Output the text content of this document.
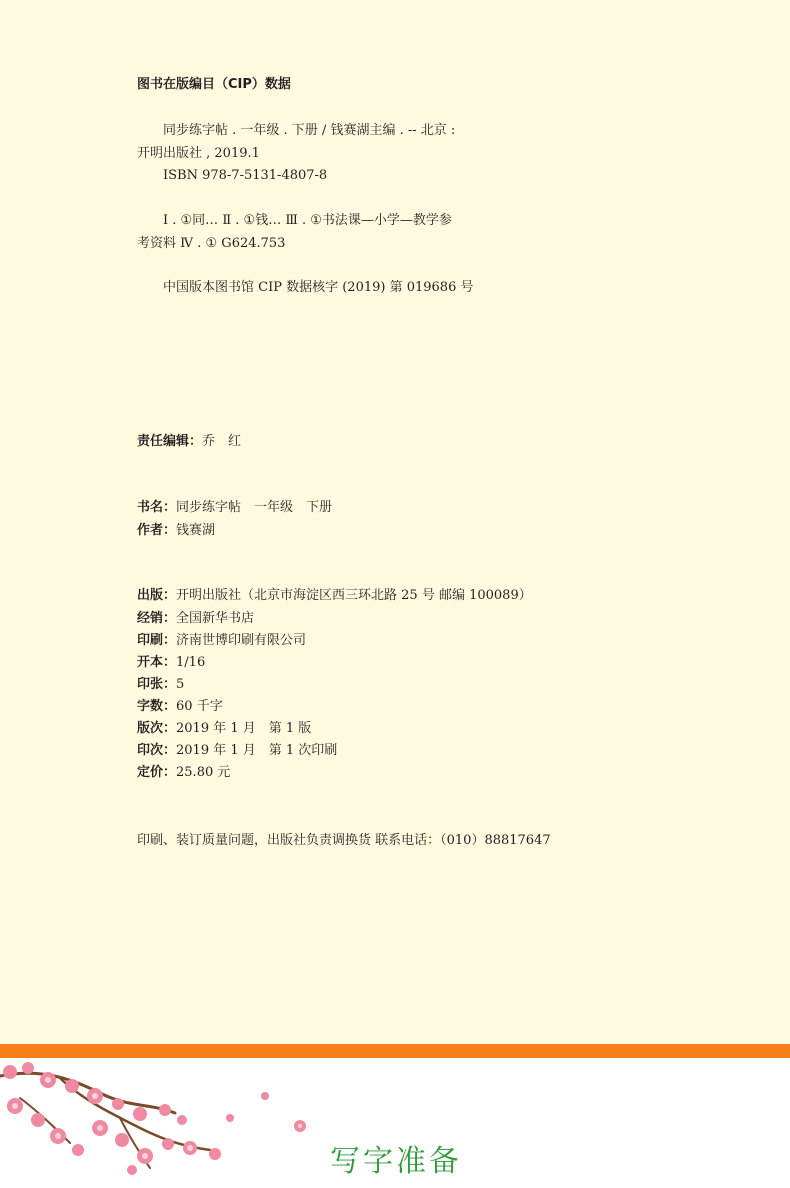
图书在版编目（CIP）数据
同步练字帖 . 一年级 . 下册 / 钱赛湖主编 . -- 北京 :
开明出版社 , 2019.1
ISBN 978-7-5131-4807-8
Ⅰ . ①同… Ⅱ . ①钱… Ⅲ . ①书法课—小学—教学参
考资料 Ⅳ . ① G624.753
中国版本图书馆 CIP 数据核字 (2019) 第 019686 号
责任编辑：乔　红
书名：同步练字帖　一年级　下册
作者：钱赛湖
出版：开明出版社（北京市海淀区西三环北路 25 号 邮编 100089）
经销：全国新华书店
印刷：济南世博印刷有限公司
开本：1/16
印张：5
字数：60 千字
版次：2019 年 1 月　第 1 版
印次：2019 年 1 月　第 1 次印刷
定价：25.80 元
印刷、装订质量问题，出版社负责调换货 联系电话：（010）88817647
写字准备
